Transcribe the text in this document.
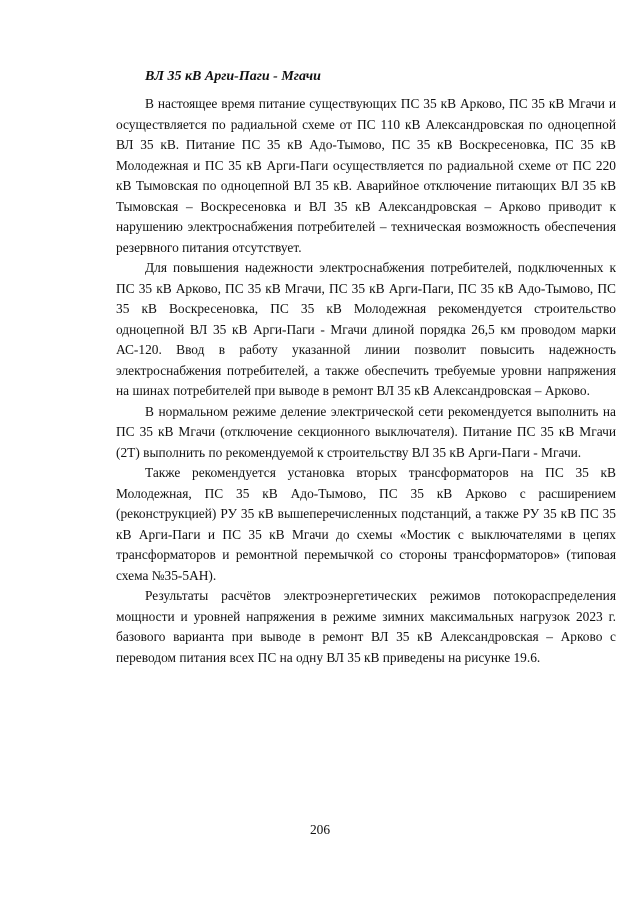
ВЛ 35 кВ Арги-Паги - Мгачи

В настоящее время питание существующих ПС 35 кВ Арково, ПС 35 кВ Мгачи и осуществляется по радиальной схеме от ПС 110 кВ Александровская по одноцепной ВЛ 35 кВ. Питание ПС 35 кВ Адо-Тымово, ПС 35 кВ Воскресеновка, ПС 35 кВ Молодежная и ПС 35 кВ Арги-Паги осуществляется по радиальной схеме от ПС 220 кВ Тымовская по одноцепной ВЛ 35 кВ. Аварийное отключение питающих ВЛ 35 кВ Тымовская – Воскресеновка и ВЛ 35 кВ Александровская – Арково приводит к нарушению электроснабжения потребителей – техническая возможность обеспечения резервного питания отсутствует.

Для повышения надежности электроснабжения потребителей, подключенных к ПС 35 кВ Арково, ПС 35 кВ Мгачи, ПС 35 кВ Арги-Паги, ПС 35 кВ Адо-Тымово, ПС 35 кВ Воскресеновка, ПС 35 кВ Молодежная рекомендуется строительство одноцепной ВЛ 35 кВ Арги-Паги - Мгачи длиной порядка 26,5 км проводом марки АС-120. Ввод в работу указанной линии позволит повысить надежность электроснабжения потребителей, а также обеспечить требуемые уровни напряжения на шинах потребителей при выводе в ремонт ВЛ 35 кВ Александровская – Арково.

В нормальном режиме деление электрической сети рекомендуется выполнить на ПС 35 кВ Мгачи (отключение секционного выключателя). Питание ПС 35 кВ Мгачи (2Т) выполнить по рекомендуемой к строительству ВЛ 35 кВ Арги-Паги - Мгачи.

Также рекомендуется установка вторых трансформаторов на ПС 35 кВ Молодежная, ПС 35 кВ Адо-Тымово, ПС 35 кВ Арково с расширением (реконструкцией) РУ 35 кВ вышеперечисленных подстанций, а также РУ 35 кВ ПС 35 кВ Арги-Паги и ПС 35 кВ Мгачи до схемы «Мостик с выключателями в цепях трансформаторов и ремонтной перемычкой со стороны трансформаторов» (типовая схема №35-5АН).

Результаты расчётов электроэнергетических режимов потокораспределения мощности и уровней напряжения в режиме зимних максимальных нагрузок 2023 г. базового варианта при выводе в ремонт ВЛ 35 кВ Александровская – Арково с переводом питания всех ПС на одну ВЛ 35 кВ приведены на рисунке 19.6.

206
